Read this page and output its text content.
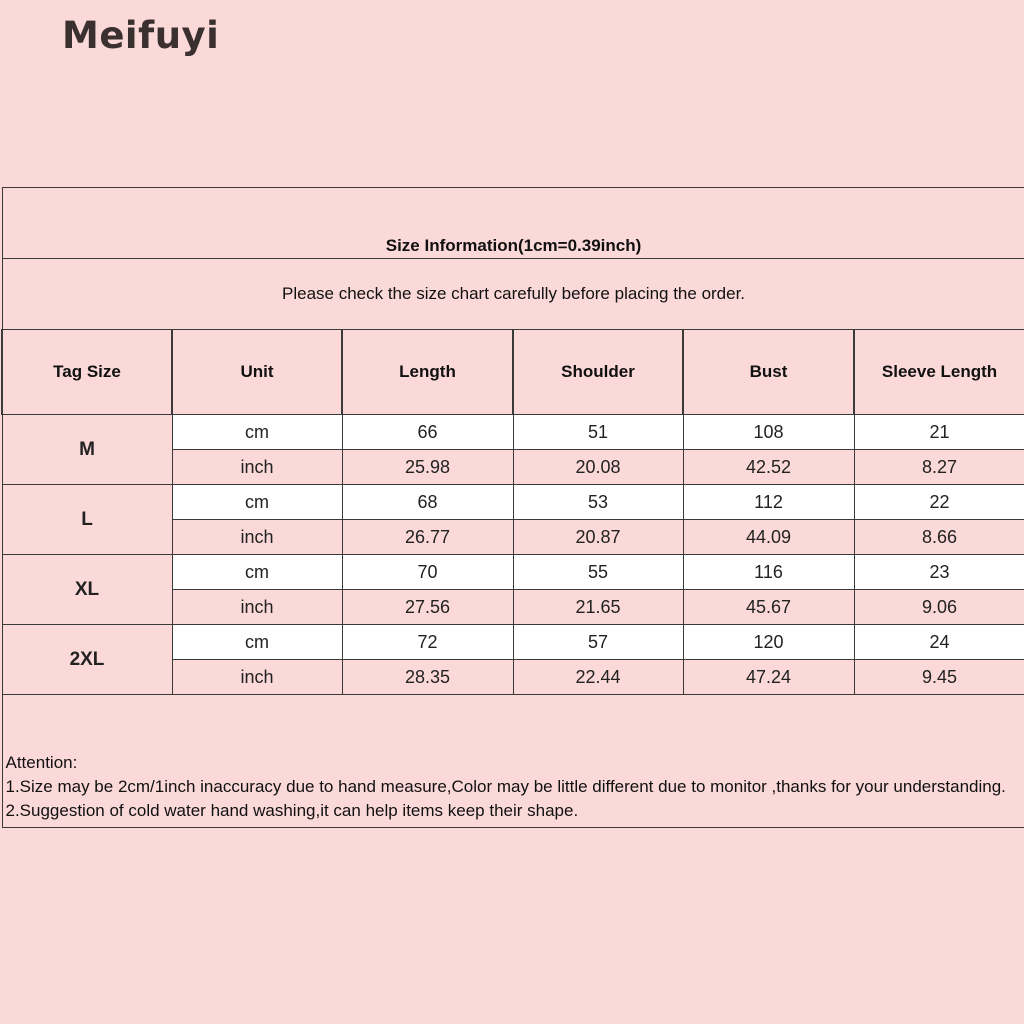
Meifuyi
Size Information(1cm=0.39inch)					
Please check the size chart carefully before placing the order.					
Tag Size	Unit	Length	Shoulder	Bust	Sleeve Length
M	cm	66	51	108	21
	inch	25.98	20.08	42.52	8.27
L	cm	68	53	112	22
	inch	26.77	20.87	44.09	8.66
XL	cm	70	55	116	23
	inch	27.56	21.65	45.67	9.06
2XL	cm	72	57	120	24
	inch	28.35	22.44	47.24	9.45

Attention:
1.Size may be 2cm/1inch inaccuracy due to hand measure,Color may be little different due to monitor ,thanks for your understanding.
2.Suggestion of cold water hand washing,it can help items keep their shape.					
